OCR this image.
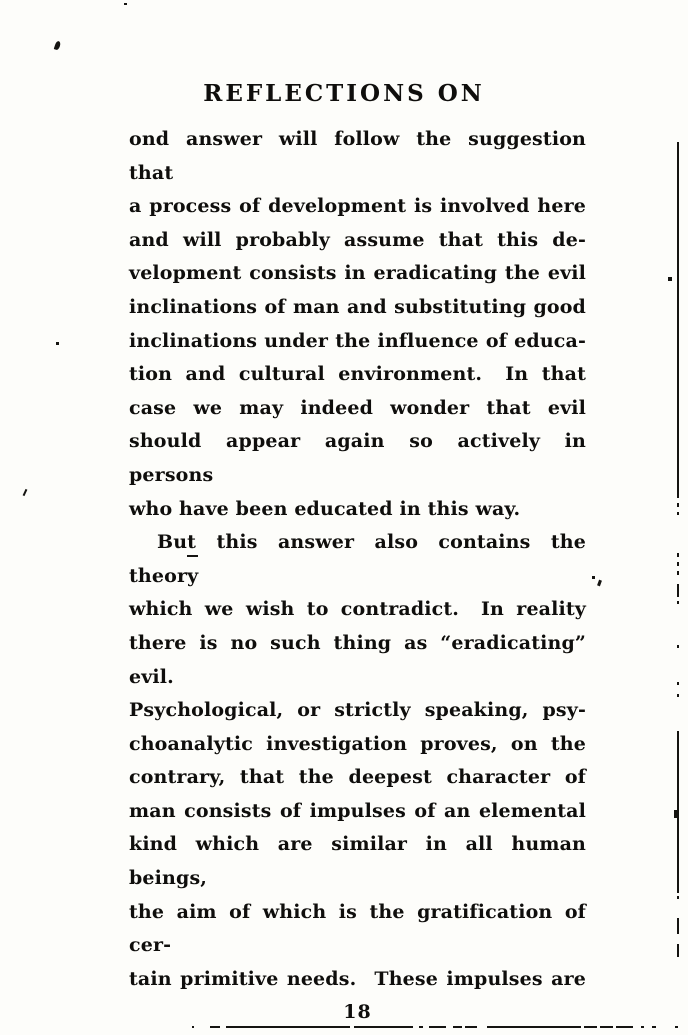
REFLECTIONS ON
ond answer will follow the suggestion that
a process of development is involved here
and will probably assume that this de-
velopment consists in eradicating the evil
inclinations of man and substituting good
inclinations under the influence of educa-
tion and cultural environment.  In that
case we may indeed wonder that evil
should appear again so actively in persons
who have been educated in this way.
But this answer also contains the theory
which we wish to contradict.  In reality
there is no such thing as “eradicating” evil.
Psychological, or strictly speaking, psy-
choanalytic investigation proves, on the
contrary, that the deepest character of
man consists of impulses of an elemental
kind which are similar in all human beings,
the aim of which is the gratification of cer-
tain primitive needs.  These impulses are
18
